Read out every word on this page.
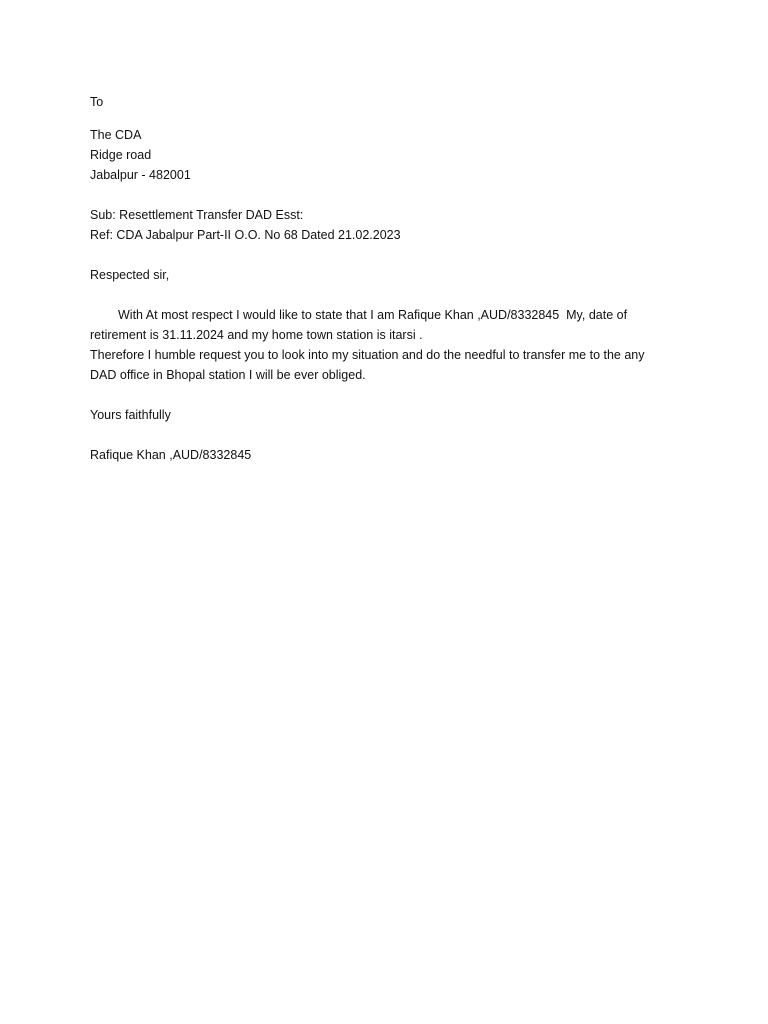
To
The CDA
Ridge road
Jabalpur - 482001
Sub: Resettlement Transfer DAD Esst:
Ref: CDA Jabalpur Part-II O.O. No 68 Dated 21.02.2023
Respected sir,
With At most respect I would like to state that I am Rafique Khan ,AUD/8332845  My, date of
retirement is 31.11.2024 and my home town station is itarsi .
Therefore I humble request you to look into my situation and do the needful to transfer me to the any
DAD office in Bhopal station I will be ever obliged.
Yours faithfully
Rafique Khan ,AUD/8332845
